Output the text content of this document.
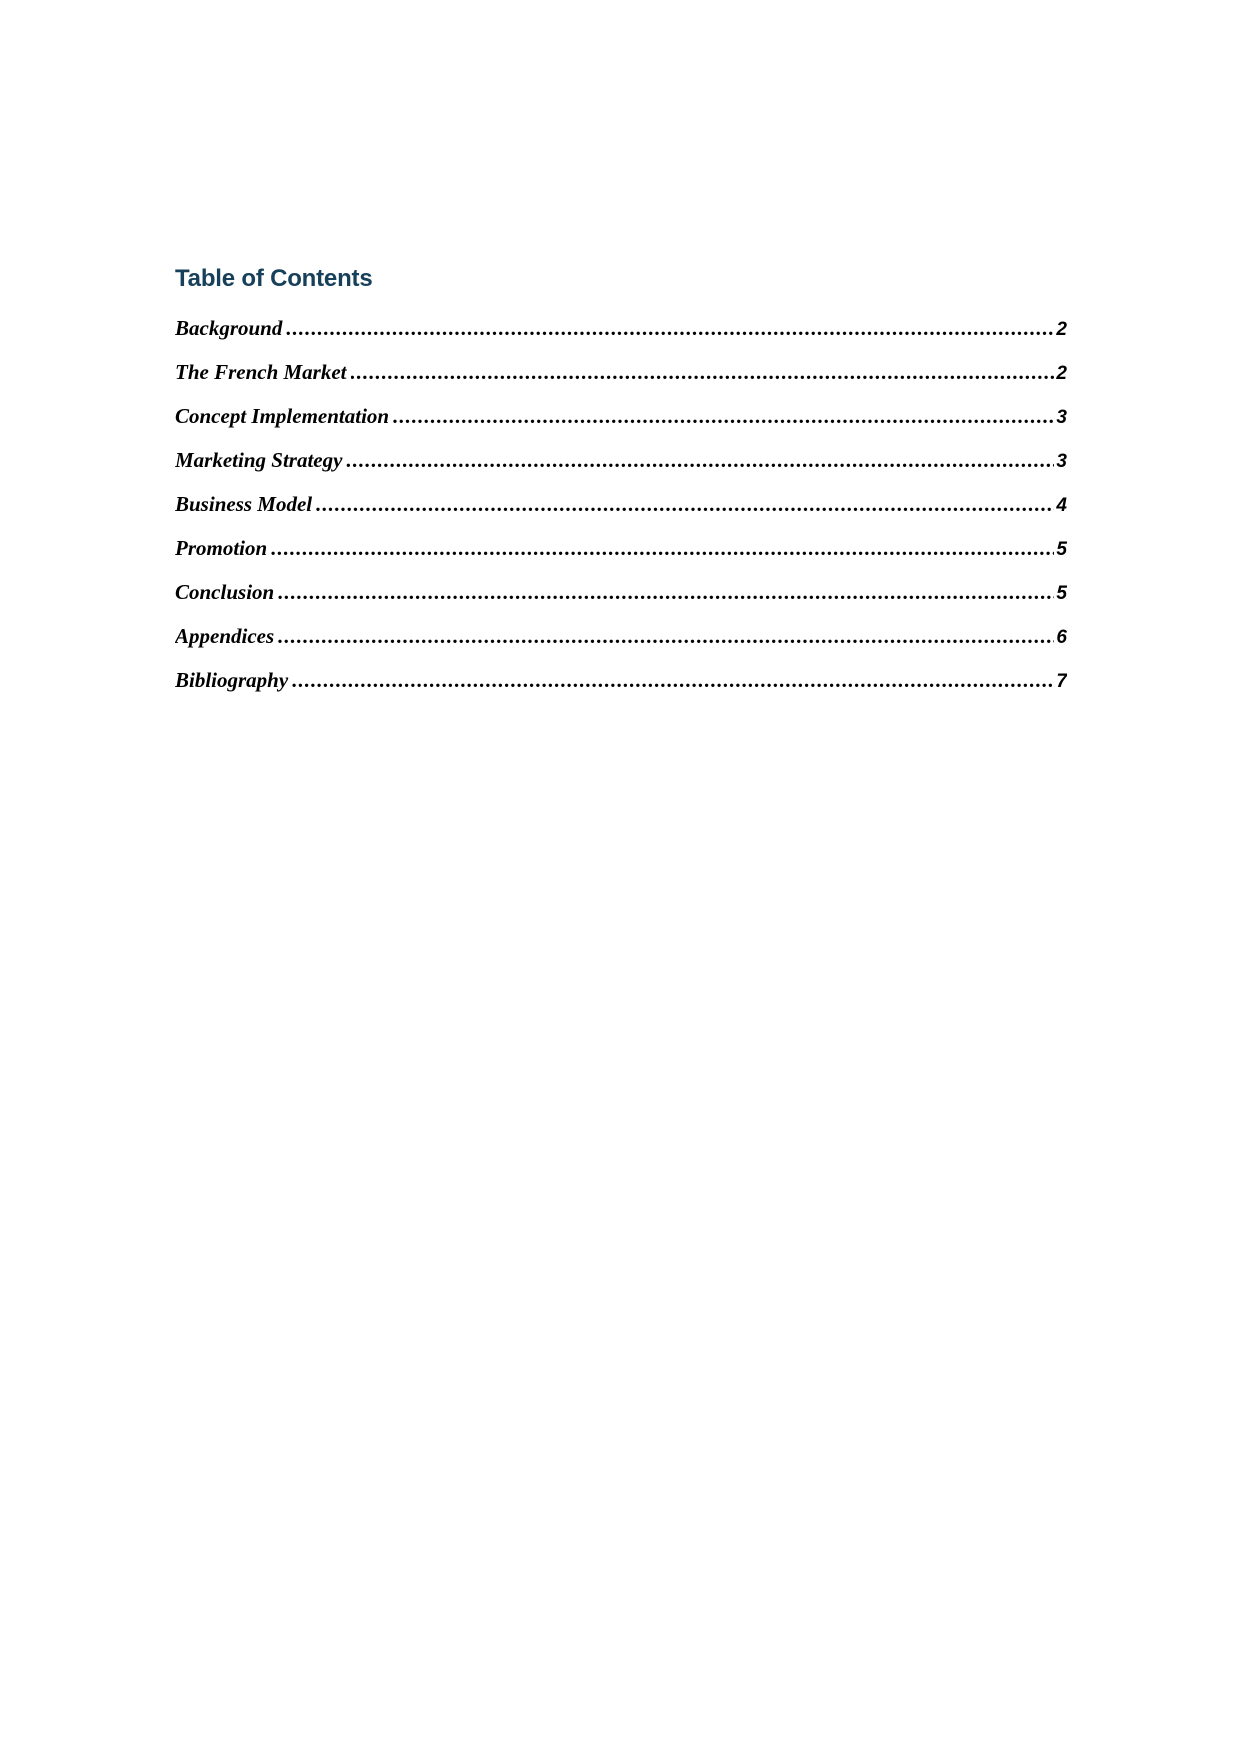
Table of Contents
Background .....	2
The French Market .....	2
Concept Implementation .....	3
Marketing Strategy .....	3
Business Model .....	4
Promotion .....	5
Conclusion .....	5
Appendices .....	6
Bibliography .....	7
